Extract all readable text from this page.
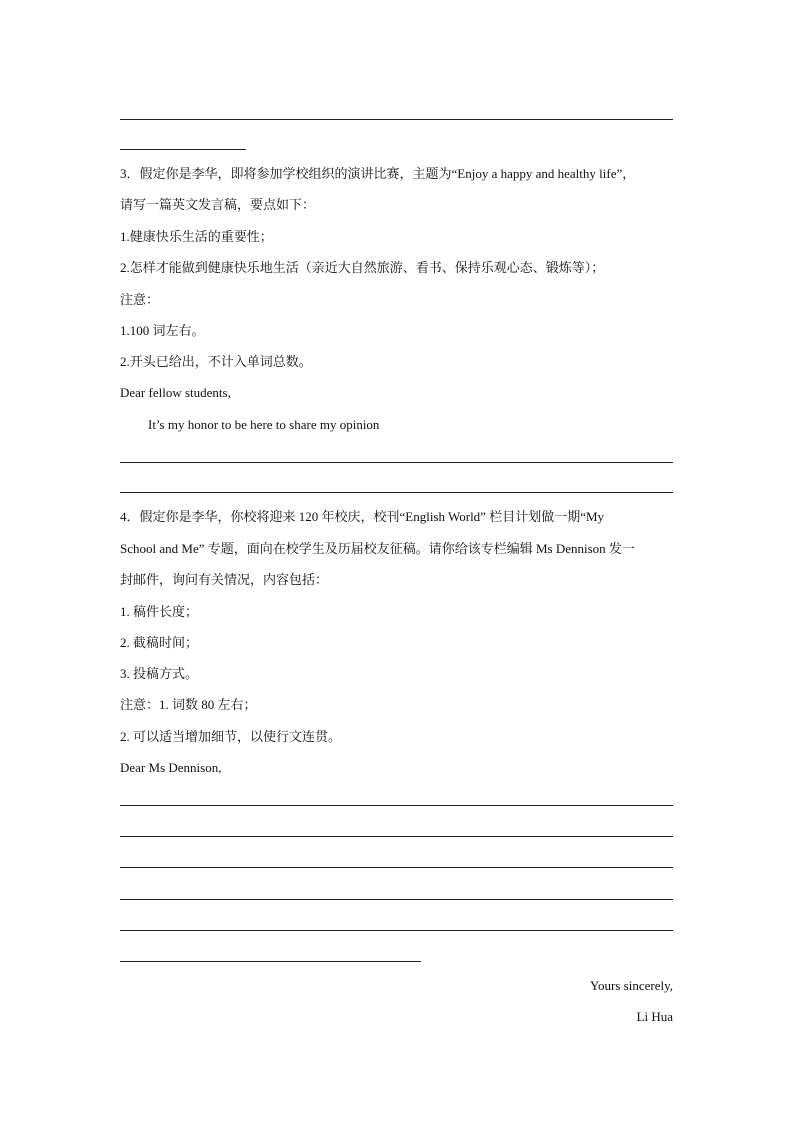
3．假定你是李华，即将参加学校组织的演讲比赛，主题为“Enjoy a happy and healthy life”，
请写一篇英文发言稿，要点如下：
1.健康快乐生活的重要性；
2.怎样才能做到健康快乐地生活（亲近大自然旅游、看书、保持乐观心态、锻炼等）；
注意：
1.100 词左右。
2.开头已给出，不计入单词总数。
Dear fellow students,
It’s my honor to be here to share my opinion
4．假定你是李华，你校将迎来 120 年校庆，校刊“English World” 栏目计划做一期“My
School and Me” 专题，面向在校学生及历届校友征稿。请你给该专栏编辑 Ms Dennison 发一
封邮件，询问有关情况，内容包括：
1. 稿件长度；
2. 截稿时间；
3. 投稿方式。
注意：1. 词数 80 左右；
2. 可以适当增加细节，以使行文连贯。
Dear Ms Dennison,
Yours sincerely,
Li Hua
